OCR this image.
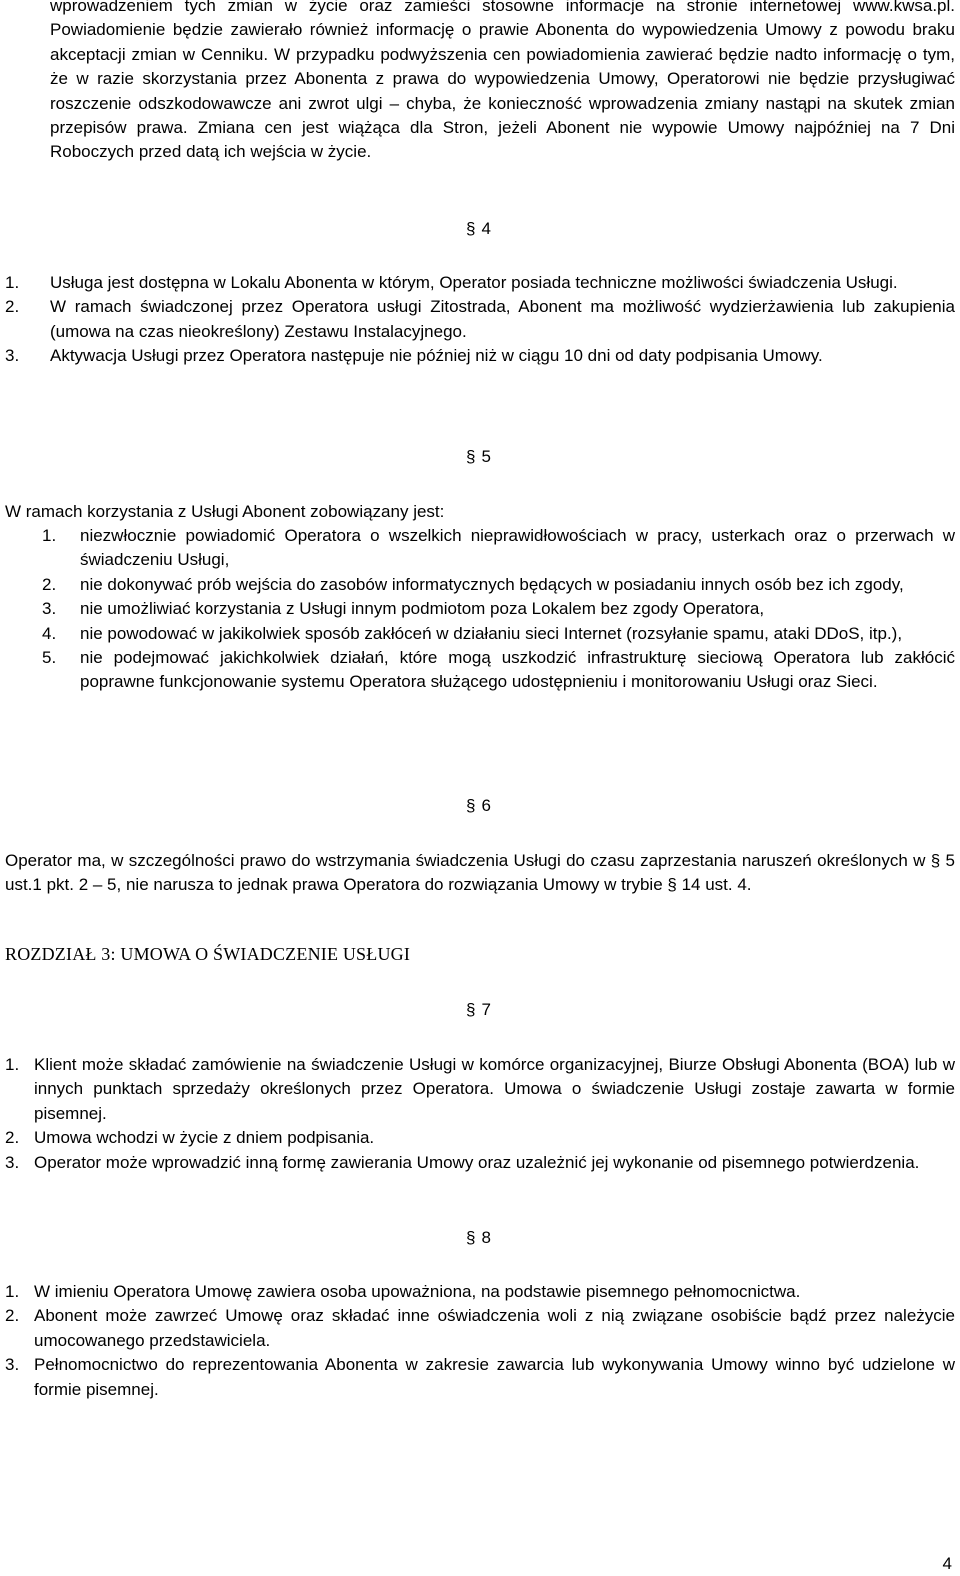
wprowadzeniem tych zmian w życie oraz zamieści stosowne informacje na stronie internetowej www.kwsa.pl. Powiadomienie będzie zawierało również informację o prawie Abonenta do wypowiedzenia Umowy z powodu braku akceptacji zmian w Cenniku. W przypadku podwyższenia cen powiadomienia zawierać będzie nadto informację o tym, że w razie skorzystania przez Abonenta z prawa do wypowiedzenia Umowy, Operatorowi nie będzie przysługiwać roszczenie odszkodowawcze ani zwrot ulgi – chyba, że konieczność wprowadzenia zmiany nastąpi na skutek zmian przepisów prawa. Zmiana cen jest wiążąca dla Stron, jeżeli Abonent nie wypowie Umowy najpóźniej na 7 Dni Roboczych przed datą ich wejścia w życie.

§ 4
1. Usługa jest dostępna w Lokalu Abonenta w którym, Operator posiada techniczne możliwości świadczenia Usługi.
2. W ramach świadczonej przez Operatora usługi Zitostrada, Abonent ma możliwość wydzierżawienia lub zakupienia (umowa na czas nieokreślony) Zestawu Instalacyjnego.
3. Aktywacja Usługi przez Operatora następuje nie później niż w ciągu 10 dni od daty podpisania Umowy.
§ 5

W ramach korzystania z Usługi Abonent zobowiązany jest:

1. niezwłocznie powiadomić Operatora o wszelkich nieprawidłowościach w pracy, usterkach oraz o przerwach w świadczeniu Usługi,
2. nie dokonywać prób wejścia do zasobów informatycznych będących w posiadaniu innych osób bez ich zgody,
3. nie umożliwiać korzystania z Usługi innym podmiotom poza Lokalem bez zgody Operatora,
4. nie powodować w jakikolwiek sposób zakłóceń w działaniu sieci Internet (rozsyłanie spamu, ataki DDoS, itp.),
5. nie podejmować jakichkolwiek działań, które mogą uszkodzić infrastrukturę sieciową Operatora lub zakłócić poprawne funkcjonowanie systemu Operatora służącego udostępnieniu i monitorowaniu Usługi oraz Sieci.
§ 6

Operator ma, w szczególności prawo do wstrzymania świadczenia Usługi do czasu zaprzestania naruszeń określonych w § 5 ust.1 pkt. 2 – 5, nie narusza to jednak prawa Operatora do rozwiązania Umowy w trybie § 14 ust. 4.

ROZDZIAŁ 3: UMOWA O ŚWIADCZENIE USŁUGI
§ 7
1. Klient może składać zamówienie na świadczenie Usługi w komórce organizacyjnej, Biurze Obsługi Abonenta (BOA) lub w innych punktach sprzedaży określonych przez Operatora. Umowa o świadczenie Usługi zostaje zawarta w formie pisemnej.
2. Umowa wchodzi w życie z dniem podpisania.
3. Operator może wprowadzić inną formę zawierania Umowy oraz uzależnić jej wykonanie od pisemnego potwierdzenia.
§ 8
1. W imieniu Operatora Umowę zawiera osoba upoważniona, na podstawie pisemnego pełnomocnictwa.
2. Abonent może zawrzeć Umowę oraz składać inne oświadczenia woli z nią związane osobiście bądź przez należycie umocowanego przedstawiciela.
3. Pełnomocnictwo do reprezentowania Abonenta w zakresie zawarcia lub wykonywania Umowy winno być udzielone w formie pisemnej.
4
